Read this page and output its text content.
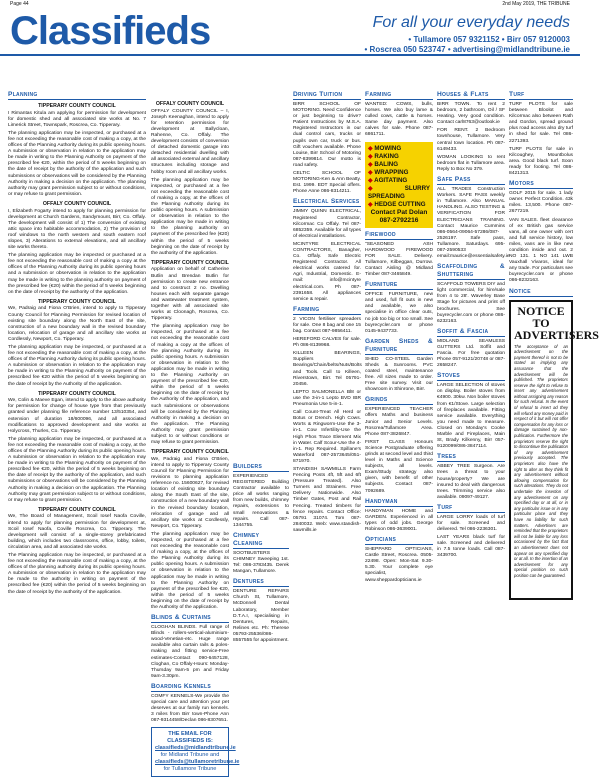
Page 44	2nd May 2019, THE TRIBUNE
Classifieds	For all your everyday needs
• Tullamore 057 9321152 • Birr 057 9120003
• Roscrea 050 523747 • advertising@midlandtribune.ie
Planning
TIPPERARY COUNTY COUNCIL

I Rimantas Kitula am applying for permission for development for domestic shed and all associated site works at No. 7 Limerick Street, Townspark, Roscrea, Co. Tipperary.

The planning application may be inspected, or purchased at a fee not exceeding the reasonable cost of making a copy, at the offices of the Planning Authority during its public opening hours. A submission or observation in relation to the application may be made in writing to the Planning Authority on payment of the prescribed fee €20, within the period of 5 weeks beginning on the date of receipt by the authority of the application and such submissions or observations will be considered by the Planning Authority in making a decision on the application. The planning authority may grant permission subject to or without conditions, or may refuse to grant permission.

OFFALY COUNTY COUNCIL

I, Elizabeth Fogarty intend to apply for planning permission for development at Church Gardens, Sandymount, Birr, Co. Offaly. The development will consist of 1) The conversion of existing attic space into habitable accommodation, 2) The provision of roof windows to the north western and south eastern roof slopes, 3) Alterations to external elevations, and all ancillary site works thereto.

The planning application may be inspected or purchased at a fee not exceeding the reasonable cost of making a copy at the offices of the Planning Authority during its public opening hours and a submission or observation in relation to the application may be made in writing to the planning authority on payment of the prescribed fee (€20) within the period of 5 weeks beginning on the date of receipt by the authority of the application.

TIPPERARY COUNTY COUNCIL

We, Padraig and Fiona O'Brien, intend to apply to Tipperary County Council for Planning Permission for revised location of existing site boundary along the North East of the site, construction of a new boundary wall in the revised boundary location, relocation of garage and all ancillary site works at Cordlessly, Newport, Co. Tipperary.

The planning application may be inspected, or purchased at a fee not exceeding the reasonable cost of making a copy, at the offices of the Planning Authority during its public opening hours. A submission or observation in relation to the application may be made in writing to the Planning Authority on payment of the prescribed fee €20 within the period of 5 weeks beginning on the date of receipt by the Authority of the application.

TIPPERARY COUNTY COUNCIL

We, Colin & Maeve Egan, intend to apply to the above authority for permission for change of house type from that previously granted under planning file reference number 13/510354, and extension of duration 18/600096, and all associated modifications to approved development and site works at Holycross, Thurles, Co. Tipperary.

The planning application may be inspected, or purchased at a fee not exceeding the reasonable cost of making a copy, at the offices of the Planning Authority during its public opening hours. A submission or observation in relation to the application may be made in writing to the Planning Authority on payment of the prescribed fee €20, within the period of 5 weeks beginning on the date of receipt by the authority of the application, and such submissions or observations will be considered by the Planning Authority in making a decision on the application. The Planning Authority may grant permission subject to or without conditions, or may refuse to grant permission.

TIPPERARY COUNTY COUNCIL

We, The Board of Management, Scoil Iosef Naofa Coville, intend to apply for planning permission for development at, Scoil Iosef Naofa, Coville Roscrea, Co. Tipperary. The development will consist of a single-storey prefabricated building, which includes two classrooms, office, lobby, toilets, circulation area, and all associated site works.

The Planning application may be inspected, or purchased at a fee not exceeding the reasonable cost of making a copy, at the offices of the planning authority during its public opening hours. A submission or observation in relation to the application may be made to the authority in writing on payment of the prescribed fee (€20) within the period of 5 weeks beginning on the date of receipt by the authority of the application.

OFFALY COUNTY COUNCIL

OFFALY COUNTY COUNCIL – I, Joseph Keenaghan, intend to apply for retention permission for development at Ballycloan, Rahenne, Co. Offaly. The development consists of conversion of detached domestic garage into detached residential dwelling with all associated external and ancillary structures including storage and hobby room and all ancillary works.

The planning application may be inspected, or purchased at a fee not exceeding the reasonable cost of making a copy, at the offices of the Planning Authority during its public opening hours. A submission or observation in relation to the application may be made in writing to the planning authority on payment of the prescribed fee (€20) within the period of 5 weeks beginning on the date of receipt by the authority of the application.

TIPPERARY COUNTY COUNCIL

Application on behalf of Catherine Butlin and Brendan Butlin for permission to create new entrance and to construct 2 no. Dwelling houses each with separate garage and wastewater treatment system, together with all associated site works at Cloonagh, Roscrea, Co. Tipperary.

The planning application may be inspected, or purchased at a fee not exceeding the reasonable cost of making a copy at the offices of the planning Authority during its public opening hours. A submission or observation in relation to the application may be made in writing to the Planning Authority on payment of the prescribed fee €20, within the period of 5 weeks beginning on the date of receipt by the Authority of the application, and such submissions or observations will be considered by the Planning Authority in making a decision on the application. The Planning Authority may grant permission subject to or without conditions or may refuse to grant permission.

TIPPERARY COUNTY COUNCIL

We, Padraig and Fiona O'Brien, intend to apply to Tipperary County Council for Planning Permission for revisions to planning application reference no. 15600627, for revised location of existing site boundary along the South East of the site, construction of a new boundary wall in the revised boundary location, relocation of garage and all ancillary site works at Cordlessly, Newport, Co. Tipperary.

The planning application may be inspected, or purchased at a fee not exceeding the reasonable cost of making a copy, at the offices of the Planning Authority during its public opening hours. A submission or observation in relation to the application may be made in writing to the Planning Authority on payment of the prescribed fee €20, within the period of 5 weeks beginning on the date of receipt by the Authority of the application.

Blinds & Curtains

CLOGHAN BLINDS. Full range of Blinds - rollers-vertical-aluminium-wood-Venetian-etc. Huge range available also curtain rails & poles-making and fitting service-Free estimates-Contact 090-6457128, Cloghan, Co Offaly-Hours: Monday-Thursday 9am-5 pm and Friday 9am-3.30pm.

Boarding Kennels

COMFY KENNELS-We provide the special care and attention your pet deserves at our family run kennels. 3 miles from Birr town-Phone Ann 087-9314458/Declan 086-8307651.

THE EMAIL FOR CLASSIFIEDS IS:
classifieds@midlandtribune.ie
for Midland Tribune and
classifieds@tullamoretribune.ie
for Tullamore Tribune
Builders

EXPERIENCED REGISTERED Building Contractor available to price all works ranging from new builds, chimney repairs, extensions to small renovations & repairs. Call 087-1344755.

Chimney Cleaning

SOOTBUSTERS CHIMNEY Sweeping 1st. Tel: 086-3783435. Derek Mangan, Tullamore.

Dentures

DENTURE REPAIRS Church St, Tullamore, McDonnell Dental Laboratory, Member D.T.A.I, specialising in Dentures, Repairs, Relines etc. Ph: Therese 05793-25536/086-8557555 for appointment.

Driving Tuition

BIRR SCHOOL OF MOTORING. Need Confidence or just beginning to drive? Patient Instructions by M.S.A. Registered Instructors in our dual control cars, trucks or pupils own car, truck or bus. Gift vouchers available. Phone Louise, Birr School of Motoring 087-8399814. Our motto is road safety.

CELTIC SCHOOL OF MOTORING-Ken & Ann Beatty. Est. 1999. EDT Special offers. Phone Anne 086-8314211.

Electrical Services

JIMMY QUINN ELECTRICAL, Registered Contractor, Kilcormac Co Offaly. Tel 087-6852359. Available for all types of electrical installations.

MCINTYRE ELECTRICAL CONTRACTORS, Banagher, Co. Offaly. Safe Electric Registered Contractor. All electrical works catered for. Agri, Industrial, Domestic. E-mail: info@mcintyre electrical.com. Ph 087-2391658. All appliances service & repair.

Farming

2 VICON fertiliser spreaders for sale. One 8 bag and one 15 bag. Contact 087-9856411.

HEREFORD CALVES for sale. Ph 086-8139968.

KILLEEN BEARINGS, Suppliers Bearings/Chain/belts/Nuts/Bolts and Tools. Call to Killeen, Riverstown, Birr. Tel 05791-20456.

LEPTO SALMONELLA Bl8 or use the 3-in-1 Lepto BVD IBR Pneumonia Use 5-in-1.

Call Count-Treat All Herd or Botus or Drench. High Cows. Worts & Ringworm-Use the 3-in-1. Cow Infertility-Use the High Phos Trace Element Mix in Water. Calf Scour-Use the 4-in-1. Rep Required. Spillane's Waterford 087-2573645/051-871970.

STANDISH SAWMILLS Farm Fencing Posts 4ft, 5ft and 6ft (Pressure Treated). Also Turners and Strainers. Free Delivery Nationwide. Also Timber Gates, Post and Rail Fencing. Treated timbers for fence repairs. Contact Office: 05791 31074. Tom 087-2840032. Web: www.standish-sawmills.ie

Farming

WANTED: COWS, bulls, horses. We also buy lame & culled cows, cattle & horses. Same day payment. Also calves for sale. Phone 087-6861711.

◆ MOWING
◆ RAKING
◆ BALING
◆ WRAPPING
◆ AGITATING
◆	SLURRY SPREADING
◆ HEDGE CUTTING
Contact Pat Dolan 087-2792216
Firewood

"SEASONED ASH HARDWOOD FIREWOOD FOR SALE. Delivery. Tullamore, Kilbeggan, Durrow. Contact Aisling @ Midland Timber 087-3465849.

Furniture

OFFICE FURNITURE, new and used, full fit outs in new and available, we also specialise in office clear outs, no job too big or too small. See buyrecycler.com or phone 0145-9437733.

Garden Sheds & Furniture

SHED CO-STEEL Garden Sheds & Sunrooms. PVC coated steel, maintenance free. All sizes made to order. Free site survey. Visit our showroom in Shinrone, Birr.

Grinds

EXPERIENCED TEACHER offers Maths and business Junior and Senior Levels. Roscrea/Tullamore Area. Phone 087-3826847.

FIRST CLASS Honours Science Postgraduate offering grinds at second level and third level in Maths and Science subjects, all levels. Exam/Study strategy also given, with benefit of other subjects. Contact 087-7092689.

Handyman

HANDYMAN HOME and GARDEN. Experienced in all types of odd jobs. George Robinson 086-3639001.

Opticians

SHEPPARD OPTICIANS, Castle Street, Roscrea. 0505-22498. Open: Mon-Sat 9.30-5.30. Your complete eye specialist, www.sheppardopticians.ie

Houses & Flats

BIRR TOWN. To rent 2 bedroom, 2 bathroom, Oil / SF Heating. Very good condition. Contact carl8763@outlook.ie

FOR RENT. 2 Bedroom townhouse, Tullamore. Very central town location. Ph 087-6149433.

WOMAN LOOKING to rent bedroom flat in Tullamore area. Reply to Box No 379.

Safe Pass

ALL TRADES Construction Workers. SAFE PASS weekly in Tullamore. Also MANUAL HANDLING. ALSO TESTING & VERIFICATION FOR ELECTRICIANS TRAINING. Contact Maurice Cummins 086-0564-09064-57286/087-2526197. Safe pass, Tullamore. Saturdays. 695-087-2590533 email:maurice@essentialsafety.ie

Scaffolding & Shuttering

SCAFFOLD TOWERS DIY and light commercial, for hire/sale from 4 to 28'. Waverley Base Stage for pictures and print off brochures. See buyrecycler.com or phone 086-6232163.

Soffit & Fascia

MIDLAND SEAMLESS GUTTERS Ltd. Soffit and Fascia. For free quotation Phone 057-9121/20748 or 087-2658247.

Stoves

LARGE SELECTION of stoves on display. Boiler stoves from €4900. 30kw. Non boiler stoves from €1/Stove. Large selection of fireplaces available. Fitting service available. Everything you need made to measure. Closed on Monday's Cooke Marble and Fireplaces, Main St, Brady Kilkenny, Birr 057-9120099/086-3847114.

Trees

ABBEY TREE Surgeon. Are trees a threat to your house/property? We are insured to deal with dangerous trees. Trimming service also available. 09097-49127.

Turf

LARGE LORRY loads of turf for sale. Screened and delivered. Tel 086-2236301.

LAST YEARS black turf for sale. Screened and delivered in 7.5 tonne loads. Call 087-3439700.

Turf

TURF PLOTS for sale between Bloolot and Kilcormac also between Rath and Gordon, spread ground plus road access also dry turf in shed for sale. Tel 086-2271393.

TURF PLOTS for sale in Kilcoughey, Mountbolus area. Good black turf. Soon ready for footing. Tel 086-8421313.

Motors

GOLF 2015 for sale. 1 lady owner. Perfect Condition. 43k miles. 13,500. Phone 087-2677219.

VAN SALES. fleet clearance of ex British gas service vans, all one owner with cert and full service history, low miles, vans are in like new condition inside and out. 2 NO 131. 1 NO 141 LWB Vauxhall Vivaros, ideal for any trade. For particulars see buyrecycler.com or phone 086-8232163.

Notice
NOTICE TO ADVERTISERS
The acceptance of an advertisement on the payment thereof is not to be stated as implying any assurance that the advertisement will be published. The proprietors reserve the right to refuse to insert any advertisement without assigning any reason for such refusal. In the event of refusal to insert ad they will refund any money paid in respect of it but will not offer compensation for any loss or damage sustained by non-publication. Furthermore the proprietors reserve the right to discontinue the publication of any advertisement previously accepted. The proprietors also have the right to alter as they think fit any advertisement without allowing compensation for such alterations. They do not undertake the insertion of any advertisement on any specified day or at all, or in any particular issue or in any particular place and they have no liability for such matters. Advertisers are reminded that the proprietors will not be liable for any loss occasioned by the fact that an advertisement does not appear on any specified day or at all. In the insertion of an advertisement for any special position no such position can be guaranteed.
